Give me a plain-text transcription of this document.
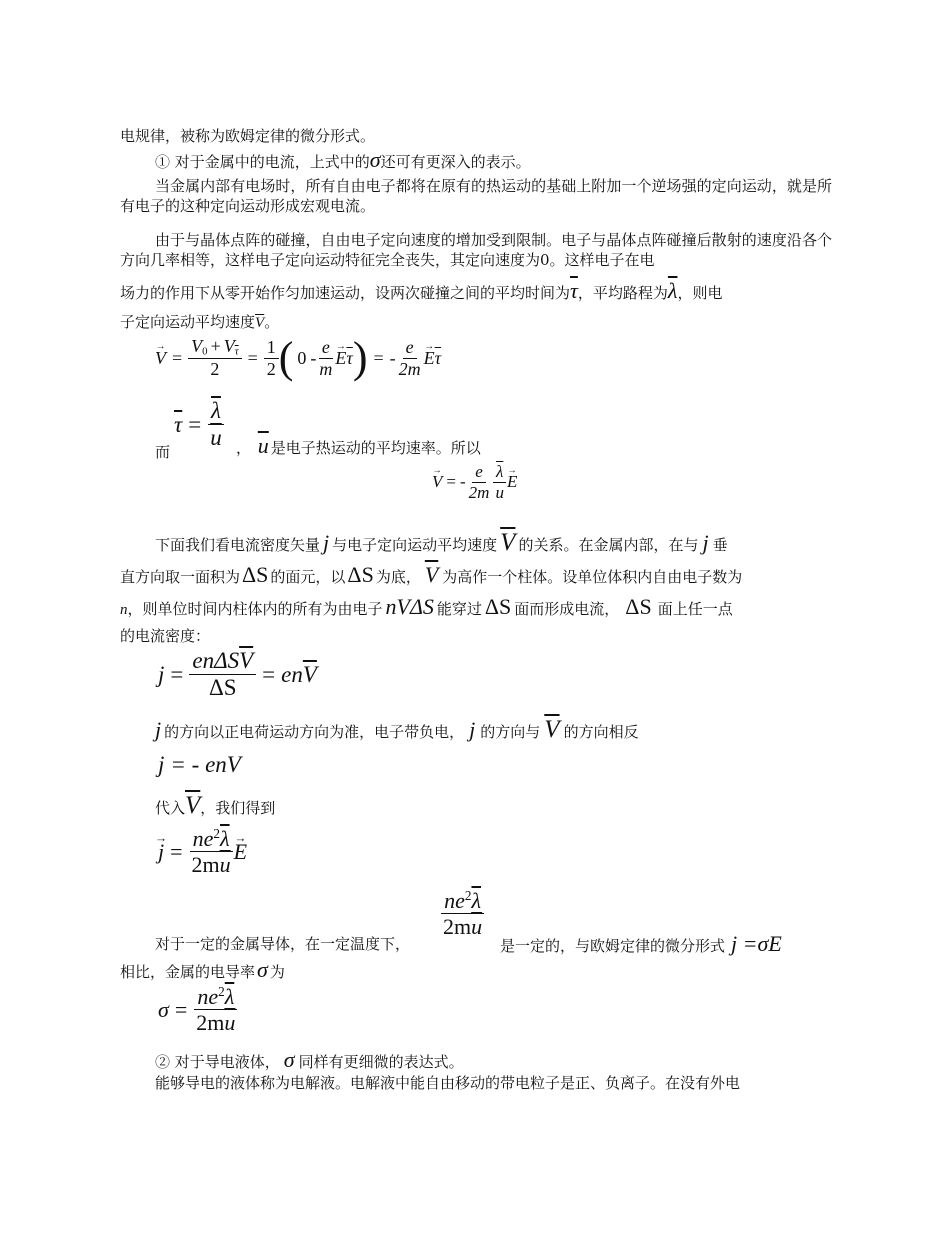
电规律，被称为欧姆定律的微分形式。
① 对于金属中的电流，上式中的σ还可有更深入的表示。
当金属内部有电场时，所有自由电子都将在原有的热运动的基础上附加一个逆场强的定向运动，就是所有电子的这种定向运动形成宏观电流。
由于与晶体点阵的碰撞，自由电子定向速度的增加受到限制。电子与晶体点阵碰撞后散射的速度沿各个方向几率相等，这样电子定向运动特征完全丧失，其定向速度为0。这样电子在电
场力的作用下从零开始作匀加速运动，设两次碰撞之间的平均时间为$\overline{\tau}$，平均路程为$\overline{\lambda}$，则电
子定向运动平均速度$\overline{V}$。
→ $V = \frac{V_0 + V_{\overline{\tau}}}{2} = \frac{1}{2}$ ( $0 - \frac{e}{m} \to E$ $\overline{\tau}$ ) = - $\frac{e}{2m} \to E$ $\overline{\tau}$
$\overline{\tau} = \frac{\overline{\lambda}}{u}$
而	， $\overline{u}$ 是电子热运动的平均速率。所以
→ V = - $\frac{e}{2m} \frac{\overline{\lambda}}{u} \to E$
下面我们看电流密度矢量 j 与电子定向运动平均速度 $\overline{V}$ 的关系。在金属内部，在与 j 垂
直方向取一面积为ΔS 的面元，以ΔS 为底， $\overline{V}$ 为高作一个柱体。设单位体积内自由电子数为
n，则单位时间内柱体内的所有为由电子 nVΔS 能穿过 ΔS 面而形成电流， ΔS 面上任一点
的电流密度：
$j = \frac{en\Delta S\overline{V}}{\Delta S}$ = en $\overline{V}$
j 的方向以正电荷运动方向为准，电子带负电， j 的方向与 $\overline{V}$ 的方向相反
j = - enV
代入$\overline{V}$，我们得到
→ $j = \frac{ne^2\overline{\lambda}}{2m\overline{u}} \to E$
$\frac{ne^2\overline{\lambda}}{2m\overline{u}}$
对于一定的金属导体，在一定温度下，	是一定的，与欧姆定律的微分形式 j =σE
相比，金属的电导率σ 为
$\sigma = \frac{ne^2\overline{\lambda}}{2m\overline{u}}$
② 对于导电液体， σ 同样有更细微的表达式。
能够导电的液体称为电解液。电解液中能自由移动的带电粒子是正、负离子。在没有外电
